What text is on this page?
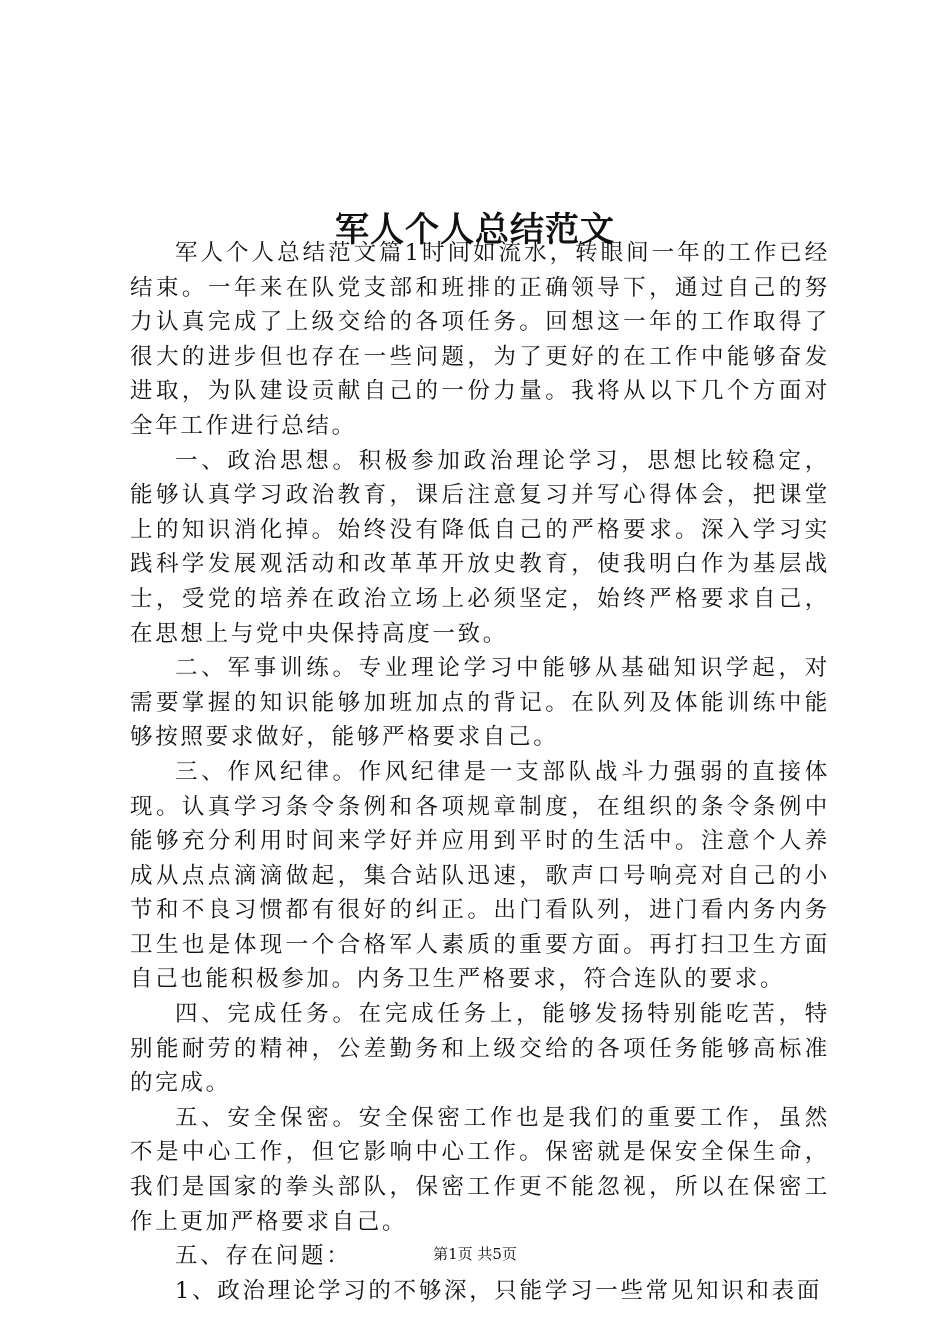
军人个人总结范文

军人个人总结范文篇1时间如流水，转眼间一年的工作已经结束。一年来在队党支部和班排的正确领导下，通过自己的努力认真完成了上级交给的各项任务。回想这一年的工作取得了很大的进步但也存在一些问题，为了更好的在工作中能够奋发进取，为队建设贡献自己的一份力量。我将从以下几个方面对全年工作进行总结。

一、政治思想。积极参加政治理论学习，思想比较稳定，能够认真学习政治教育，课后注意复习并写心得体会，把课堂上的知识消化掉。始终没有降低自己的严格要求。深入学习实践科学发展观活动和改革革开放史教育，使我明白作为基层战士，受党的培养在政治立场上必须坚定，始终严格要求自己，在思想上与党中央保持高度一致。

二、军事训练。专业理论学习中能够从基础知识学起，对需要掌握的知识能够加班加点的背记。在队列及体能训练中能够按照要求做好，能够严格要求自己。

三、作风纪律。作风纪律是一支部队战斗力强弱的直接体现。认真学习条令条例和各项规章制度，在组织的条令条例中能够充分利用时间来学好并应用到平时的生活中。注意个人养成从点点滴滴做起，集合站队迅速，歌声口号响亮对自己的小节和不良习惯都有很好的纠正。出门看队列，进门看内务内务卫生也是体现一个合格军人素质的重要方面。再打扫卫生方面自己也能积极参加。内务卫生严格要求，符合连队的要求。

四、完成任务。在完成任务上，能够发扬特别能吃苦，特别能耐劳的精神，公差勤务和上级交给的各项任务能够高标准的完成。

五、安全保密。安全保密工作也是我们的重要工作，虽然不是中心工作，但它影响中心工作。保密就是保安全保生命，我们是国家的拳头部队，保密工作更不能忽视，所以在保密工作上更加严格要求自己。

五、存在问题：

1、政治理论学习的不够深，只能学习一些常见知识和表面

第1页 共5页
